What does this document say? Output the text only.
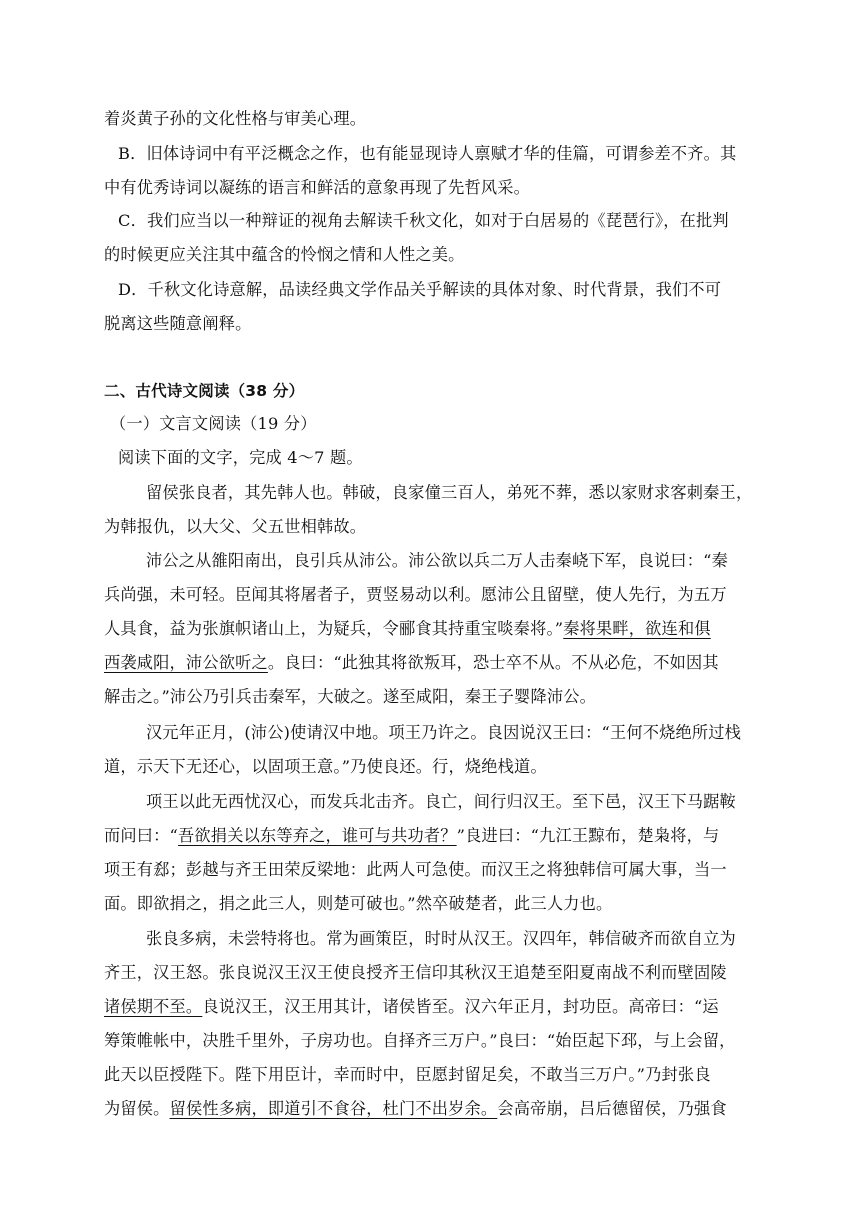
着炎黄子孙的文化性格与审美心理。
B．旧体诗词中有平泛概念之作，也有能显现诗人禀赋才华的佳篇，可谓参差不齐。其
中有优秀诗词以凝练的语言和鲜活的意象再现了先哲风采。
C．我们应当以一种辩证的视角去解读千秋文化，如对于白居易的《琵琶行》，在批判
的时候更应关注其中蕴含的怜悯之情和人性之美。
D．千秋文化诗意解，品读经典文学作品关乎解读的具体对象、时代背景，我们不可
脱离这些随意阐释。
二、古代诗文阅读（38 分）
（一）文言文阅读（19 分）
阅读下面的文字，完成 4～7 题。
留侯张良者，其先韩人也。韩破，良家僮三百人，弟死不葬，悉以家财求客刺秦王，
为韩报仇，以大父、父五世相韩故。
沛公之从雒阳南出，良引兵从沛公。沛公欲以兵二万人击秦峣下军，良说曰：“秦
兵尚强，未可轻。臣闻其将屠者子，贾竖易动以利。愿沛公且留壁，使人先行，为五万
人具食，益为张旗帜诸山上，为疑兵，令郦食其持重宝啖秦将。”秦将果畔，欲连和俱
西袭咸阳，沛公欲听之。良曰：“此独其将欲叛耳，恐士卒不从。不从必危，不如因其
解击之。”沛公乃引兵击秦军，大破之。遂至咸阳，秦王子婴降沛公。
汉元年正月，(沛公)使请汉中地。项王乃许之。良因说汉王曰：“王何不烧绝所过栈
道，示天下无还心，以固项王意。”乃使良还。行，烧绝栈道。
项王以此无西忧汉心，而发兵北击齐。良亡，间行归汉王。至下邑，汉王下马踞鞍
而问曰：“吾欲捐关以东等弃之，谁可与共功者？”良进曰：“九江王黥布，楚枭将，与
项王有郄；彭越与齐王田荣反梁地：此两人可急使。而汉王之将独韩信可属大事，当一
面。即欲捐之，捐之此三人，则楚可破也。”然卒破楚者，此三人力也。
张良多病，未尝特将也。常为画策臣，时时从汉王。汉四年，韩信破齐而欲自立为
齐王，汉王怒。张良说汉王汉王使良授齐王信印其秋汉王追楚至阳夏南战不利而壁固陵
诸侯期不至。良说汉王，汉王用其计，诸侯皆至。汉六年正月，封功臣。高帝曰：“运
筹策帷帐中，决胜千里外，子房功也。自择齐三万户。”良曰：“始臣起下邳，与上会留，
此天以臣授陛下。陛下用臣计，幸而时中，臣愿封留足矣，不敢当三万户。”乃封张良
为留侯。留侯性多病，即道引不食谷，杜门不出岁余。会高帝崩，吕后德留侯，乃强食
